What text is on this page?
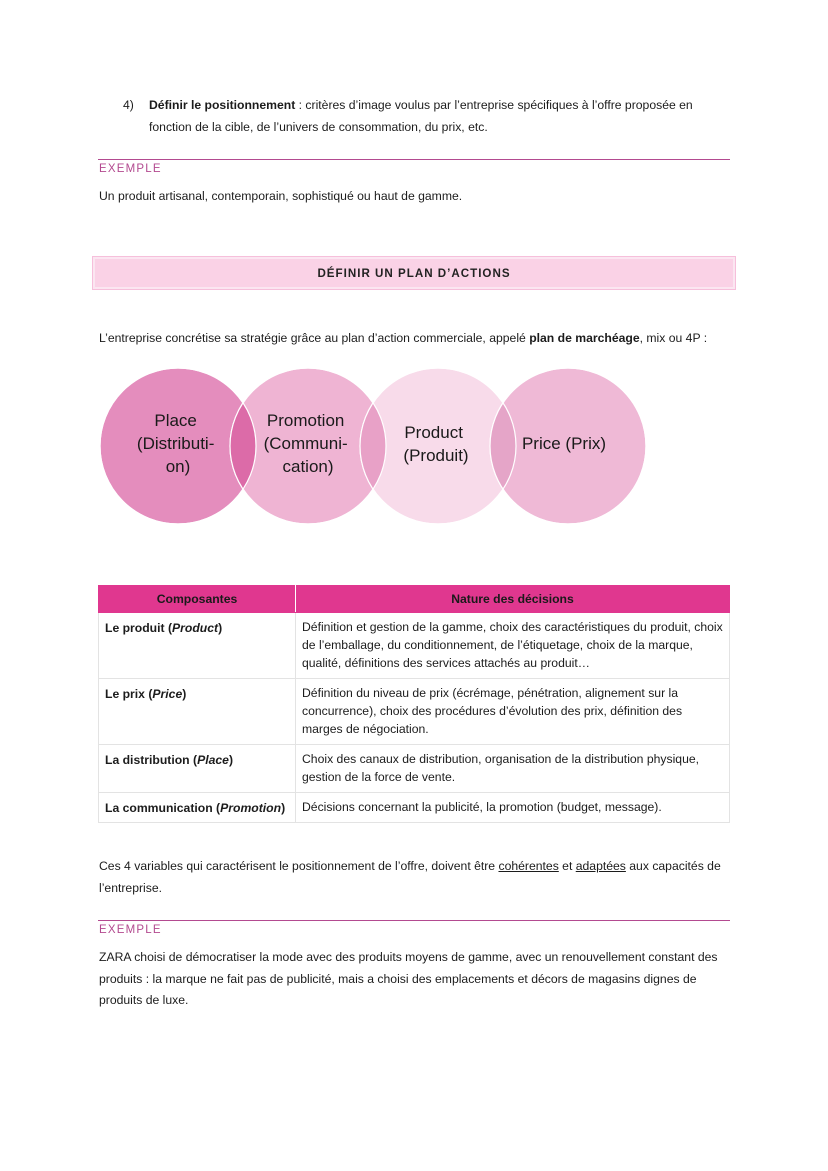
4) Définir le positionnement : critères d’image voulus par l’entreprise spécifiques à l’offre proposée en fonction de la cible, de l’univers de consommation, du prix, etc.
EXEMPLE
Un produit artisanal, contemporain, sophistiqué ou haut de gamme.
DÉFINIR UN PLAN D’ACTIONS
L’entreprise concrétise sa stratégie grâce au plan d’action commerciale, appelé plan de marchéage, mix ou 4P :
Place (Distributi- on)
Promotion (Communi- cation)
Product (Produit)
Price (Prix)
Composantes	Nature des décisions
Le produit (Product)	Définition et gestion de la gamme, choix des caractéristiques du produit, choix de l’emballage, du conditionnement, de l’étiquetage, choix de la marque, qualité, définitions des services attachés au produit…
Le prix (Price)	Définition du niveau de prix (écrémage, pénétration, alignement sur la concurrence), choix des procédures d’évolution des prix, définition des marges de négociation.
La distribution (Place)	Choix des canaux de distribution, organisation de la distribution physique, gestion de la force de vente.
La communication (Promotion)	Décisions concernant la publicité, la promotion (budget, message).
Ces 4 variables qui caractérisent le positionnement de l’offre, doivent être cohérentes et adaptées aux capacités de l’entreprise.
EXEMPLE
ZARA choisi de démocratiser la mode avec des produits moyens de gamme, avec un renouvellement constant des produits : la marque ne fait pas de publicité, mais a choisi des emplacements et décors de magasins dignes de produits de luxe.
